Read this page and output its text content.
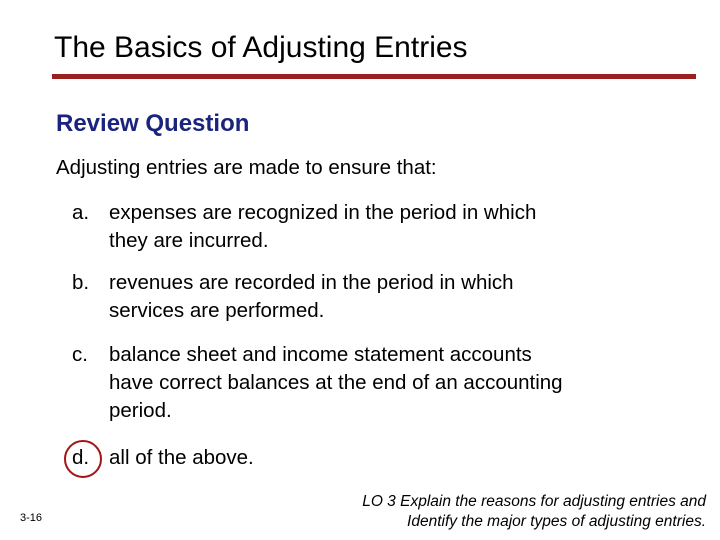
The Basics of Adjusting Entries
Review Question
Adjusting entries are made to ensure that:
a. expenses are recognized in the period in which
they are incurred.
b. revenues are recorded in the period in which
services are performed.
c. balance sheet and income statement accounts
have correct balances at the end of an accounting
period.
d. all of the above.
3-16
LO 3 Explain the reasons for adjusting entries and
Identify the major types of adjusting entries.
